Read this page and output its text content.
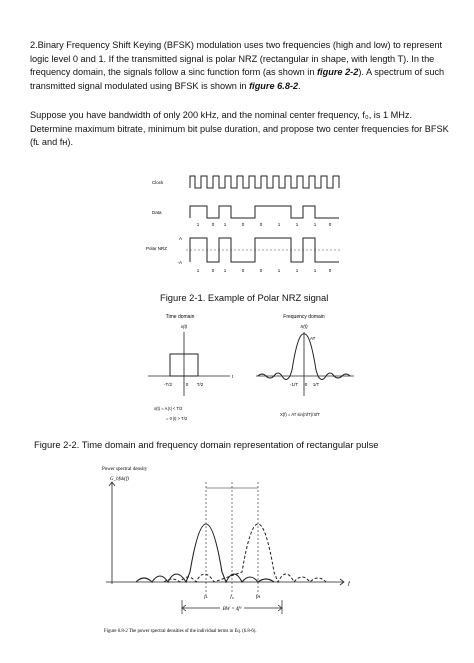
2.Binary Frequency Shift Keying (BFSK) modulation uses two frequencies (high and low) to represent logic level 0 and 1. If the transmitted signal is polar NRZ (rectangular in shape, with length T). In the frequency domain, the signals follow a sinc function form (as shown in figure 2-2). A spectrum of such transmitted signal modulated using BFSK is shown in figure 6.8-2.
Suppose you have bandwidth of only 200 kHz, and the nominal center frequency, f₀, is 1 MHz. Determine maximum bitrate, minimum bit pulse duration, and propose two center frequencies for BFSK (fʟ and fʜ).
Clock
Data
Polar NRZ
1	0 1	0	0	1	1	1	0
A
-A
1	0 1	0	0	1	1	1	0
Figure 2-1. Example of Polar NRZ signal
Time domain
x(t)
t
-T/2	0 T/2
x(t) = A |t| < T/2
= 0 |t| > T/2
Frequency domain
X(f)
AT
-1/T 0 1/T
X(f) = AT sin(πfT)/πfT
Figure 2-2. Time domain and frequency domain representation of rectangular pulse
Power spectral density
G_bfsk(f)
f
fʟ	f₀	fʜ
BW = 4fᵈ
Figure 6.8-2 The power spectral densities of the individual terms in Eq. (6.8-6).
